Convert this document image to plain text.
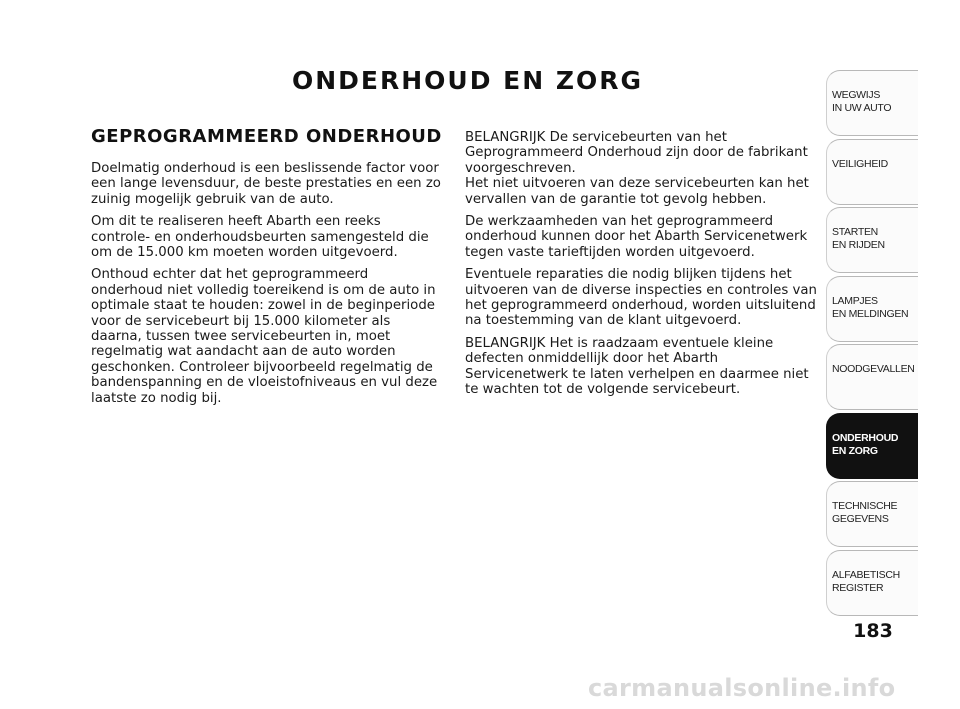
ONDERHOUD EN ZORG
GEPROGRAMMEERD ONDERHOUD

Doelmatig onderhoud is een beslissende factor voor een lange levensduur, de beste prestaties en een zo zuinig mogelijk gebruik van de auto.

Om dit te realiseren heeft Abarth een reeks controle- en onderhoudsbeurten samengesteld die om de 15.000 km moeten worden uitgevoerd.

Onthoud echter dat het geprogrammeerd onderhoud niet volledig toereikend is om de auto in optimale staat te houden: zowel in de beginperiode voor de servicebeurt bij 15.000 kilometer als daarna, tussen twee servicebeurten in, moet regelmatig wat aandacht aan de auto worden geschonken. Controleer bijvoorbeeld regelmatig de bandenspanning en de vloeistofniveaus en vul deze laatste zo nodig bij.

BELANGRIJK De servicebeurten van het Geprogrammeerd Onderhoud zijn door de fabrikant voorgeschreven.
Het niet uitvoeren van deze servicebeurten kan het vervallen van de garantie tot gevolg hebben.

De werkzaamheden van het geprogrammeerd onderhoud kunnen door het Abarth Servicenetwerk tegen vaste tarieftijden worden uitgevoerd.

Eventuele reparaties die nodig blijken tijdens het uitvoeren van de diverse inspecties en controles van het geprogrammeerd onderhoud, worden uitsluitend na toestemming van de klant uitgevoerd.

BELANGRIJK Het is raadzaam eventuele kleine defecten onmiddellijk door het Abarth Servicenetwerk te laten verhelpen en daarmee niet te wachten tot de volgende servicebeurt.

WEGWIJS
IN UW AUTO
VEILIGHEID
STARTEN
EN RIJDEN
LAMPJES
EN MELDINGEN
NOODGEVALLEN
ONDERHOUD
EN ZORG
TECHNISCHE
GEGEVENS
ALFABETISCH
REGISTER
183
carmanualsonline.info
